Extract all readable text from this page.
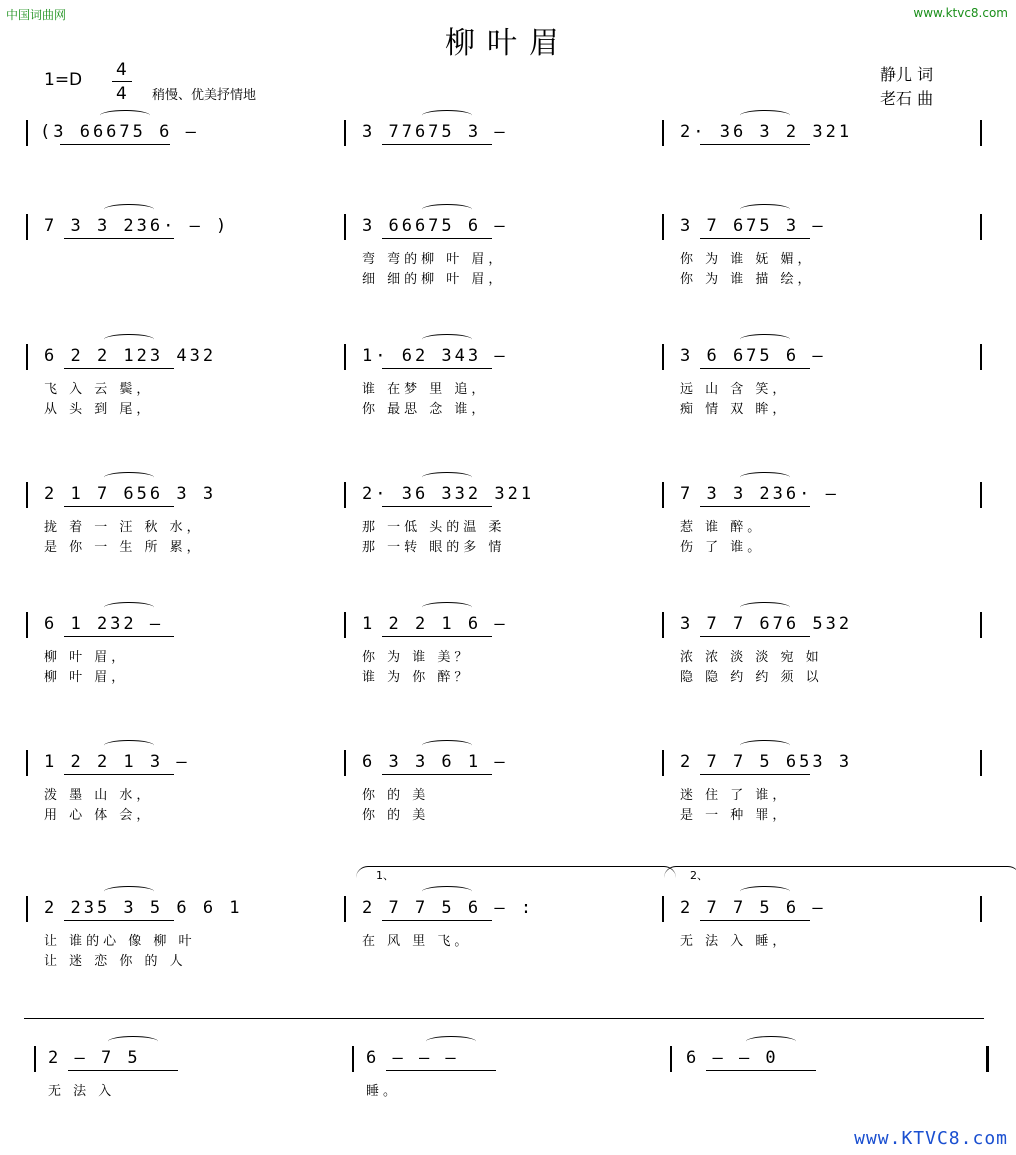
中国词曲网	www.ktvc8.com
柳叶眉
1=D 4
4 稍慢、优美抒情地
静儿 词
老石 曲
(3 66675 6 –	3 77675 3 –	2· 36 3 2 321
7 3 3 236· – )	3 66675 6 –
弯 弯的柳 叶 眉，
细 细的柳 叶 眉，
3 7 675 3 –
你 为 谁 妩 媚，
你 为 谁 描 绘，
6 2 2 123 432
飞 入 云 鬓，
从 头 到 尾，
1· 62 343 –
谁 在梦 里 追，
你 最思 念 谁，
3 6 675 6 –
远 山 含 笑，
痴 情 双 眸，
2 1 7 656 3 3
拢 着 一 汪 秋 水，
是 你 一 生 所 累，
2· 36 332 321
那 一低 头的温 柔
那 一转 眼的多 情
7 3 3 236· –
惹 谁 醉。
伤 了 谁。
6 1 232 –
柳 叶 眉，
柳 叶 眉，
1 2 2 1 6 –
你 为 谁 美？
谁 为 你 醉？
3 7 7 676 532
浓 浓 淡 淡 宛 如
隐 隐 约 约 须 以
1 2 2 1 3 –
泼 墨 山 水，
用 心 体 会，
6 3 3 6 1 –
你 的 美
你 的 美
2 7 7 5 653 3
迷 住 了 谁，
是 一 种 罪，
2 235 3 5 6 6 1
让 谁的心 像 柳 叶
让 迷 恋 你 的 人
2 7 7 5 6 – :
在 风 里 飞。
2 7 7 5 6 –
无 法 入 睡，
1、	2、
2 – 7 5
无 法 入
6 – – –
睡。
6 – – 0
www.KTVC8.com
